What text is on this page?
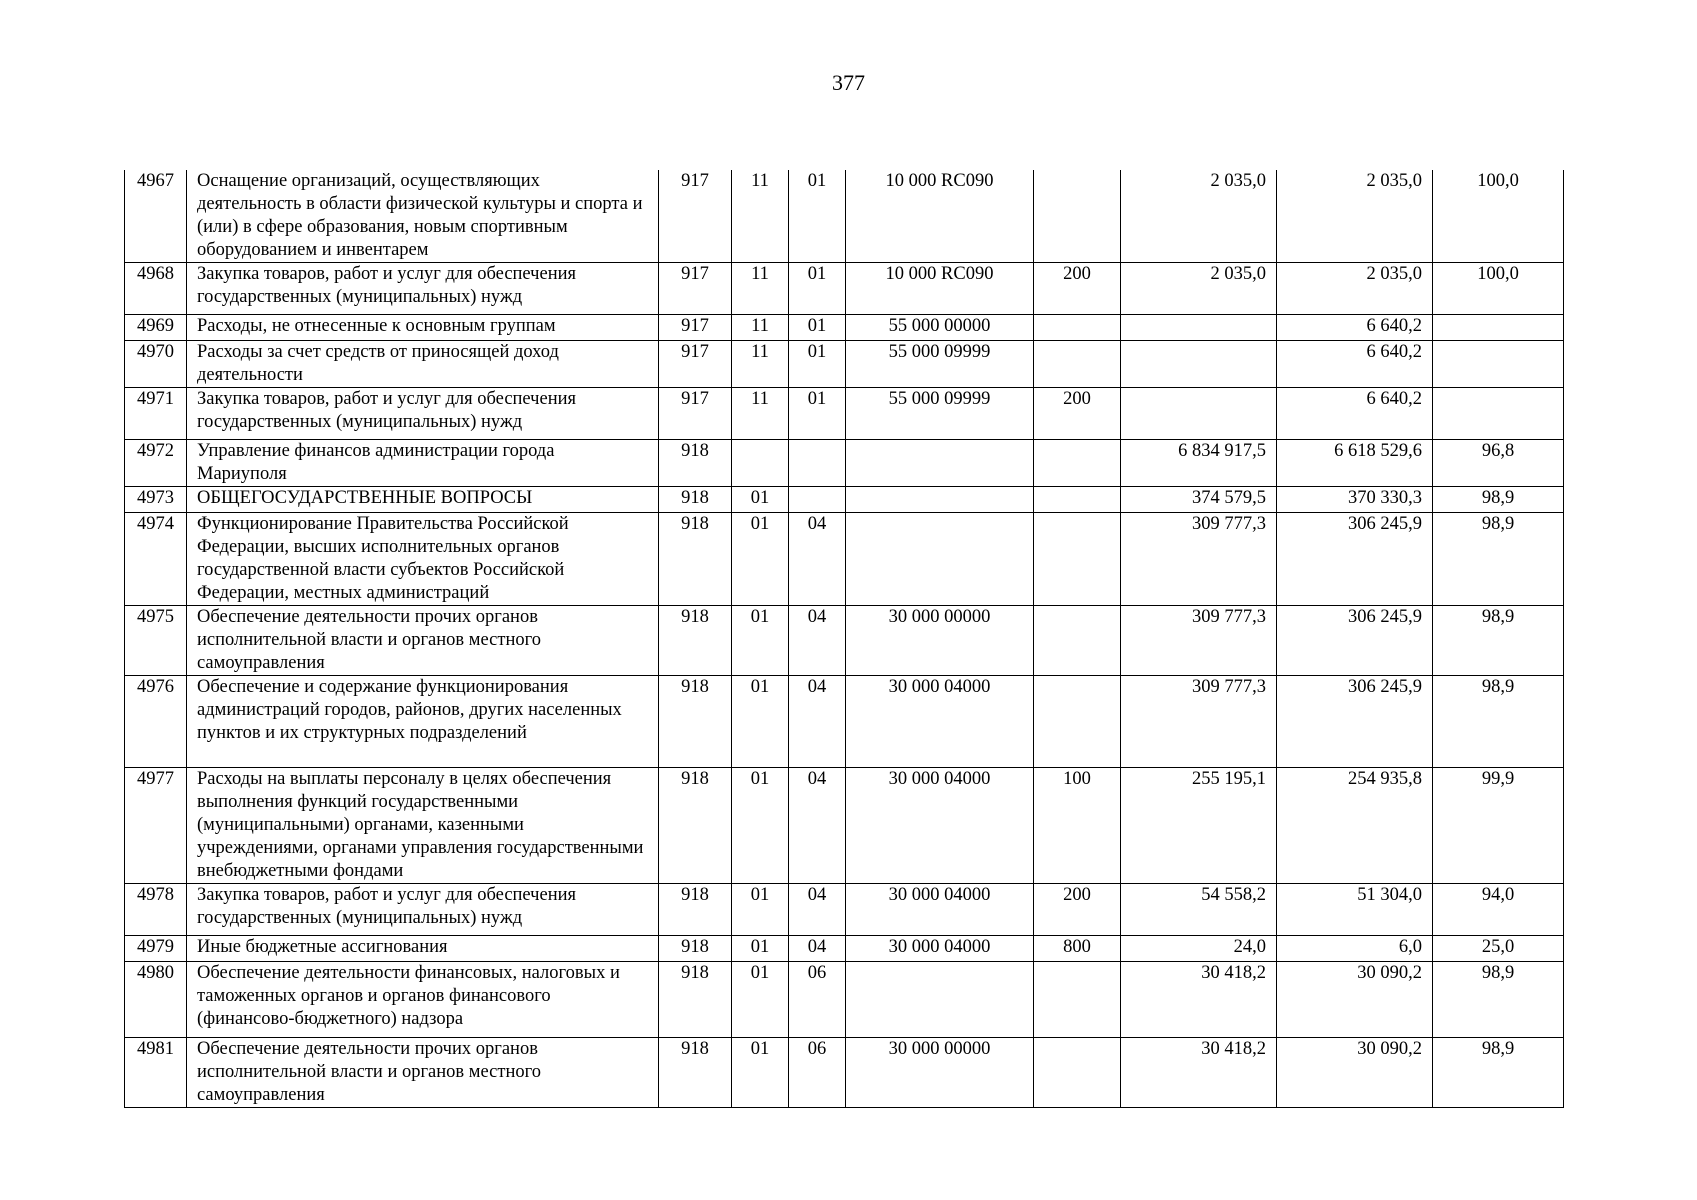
377
4967	Оснащение организаций, осуществляющих деятельность в области физической культуры и спорта и (или) в сфере образования, новым спортивным оборудованием и инвентарем	917	11	01	10 000 RC090		2 035,0	2 035,0	100,0
4968	Закупка товаров, работ и услуг для обеспечения государственных (муниципальных) нужд	917	11	01	10 000 RC090	200	2 035,0	2 035,0	100,0
4969	Расходы, не отнесенные к основным группам	917	11	01	55 000 00000			6 640,2	
4970	Расходы за счет средств от приносящей доход деятельности	917	11	01	55 000 09999			6 640,2	
4971	Закупка товаров, работ и услуг для обеспечения государственных (муниципальных) нужд	917	11	01	55 000 09999	200		6 640,2	
4972	Управление финансов администрации города Мариуполя	918					6 834 917,5	6 618 529,6	96,8
4973	ОБЩЕГОСУДАРСТВЕННЫЕ ВОПРОСЫ	918	01				374 579,5	370 330,3	98,9
4974	Функционирование Правительства Российской Федерации, высших исполнительных органов государственной власти субъектов Российской Федерации, местных администраций	918	01	04			309 777,3	306 245,9	98,9
4975	Обеспечение деятельности прочих органов исполнительной власти и органов местного самоуправления	918	01	04	30 000 00000		309 777,3	306 245,9	98,9
4976	Обеспечение и содержание функционирования администраций городов, районов, других населенных пунктов и их структурных подразделений	918	01	04	30 000 04000		309 777,3	306 245,9	98,9
4977	Расходы на выплаты персоналу в целях обеспечения выполнения функций государственными (муниципальными) органами, казенными учреждениями, органами управления государственными внебюджетными фондами	918	01	04	30 000 04000	100	255 195,1	254 935,8	99,9
4978	Закупка товаров, работ и услуг для обеспечения государственных (муниципальных) нужд	918	01	04	30 000 04000	200	54 558,2	51 304,0	94,0
4979	Иные бюджетные ассигнования	918	01	04	30 000 04000	800	24,0	6,0	25,0
4980	Обеспечение деятельности финансовых, налоговых и таможенных органов и органов финансового (финансово-бюджетного) надзора	918	01	06			30 418,2	30 090,2	98,9
4981	Обеспечение деятельности прочих органов исполнительной власти и органов местного самоуправления	918	01	06	30 000 00000		30 418,2	30 090,2	98,9
